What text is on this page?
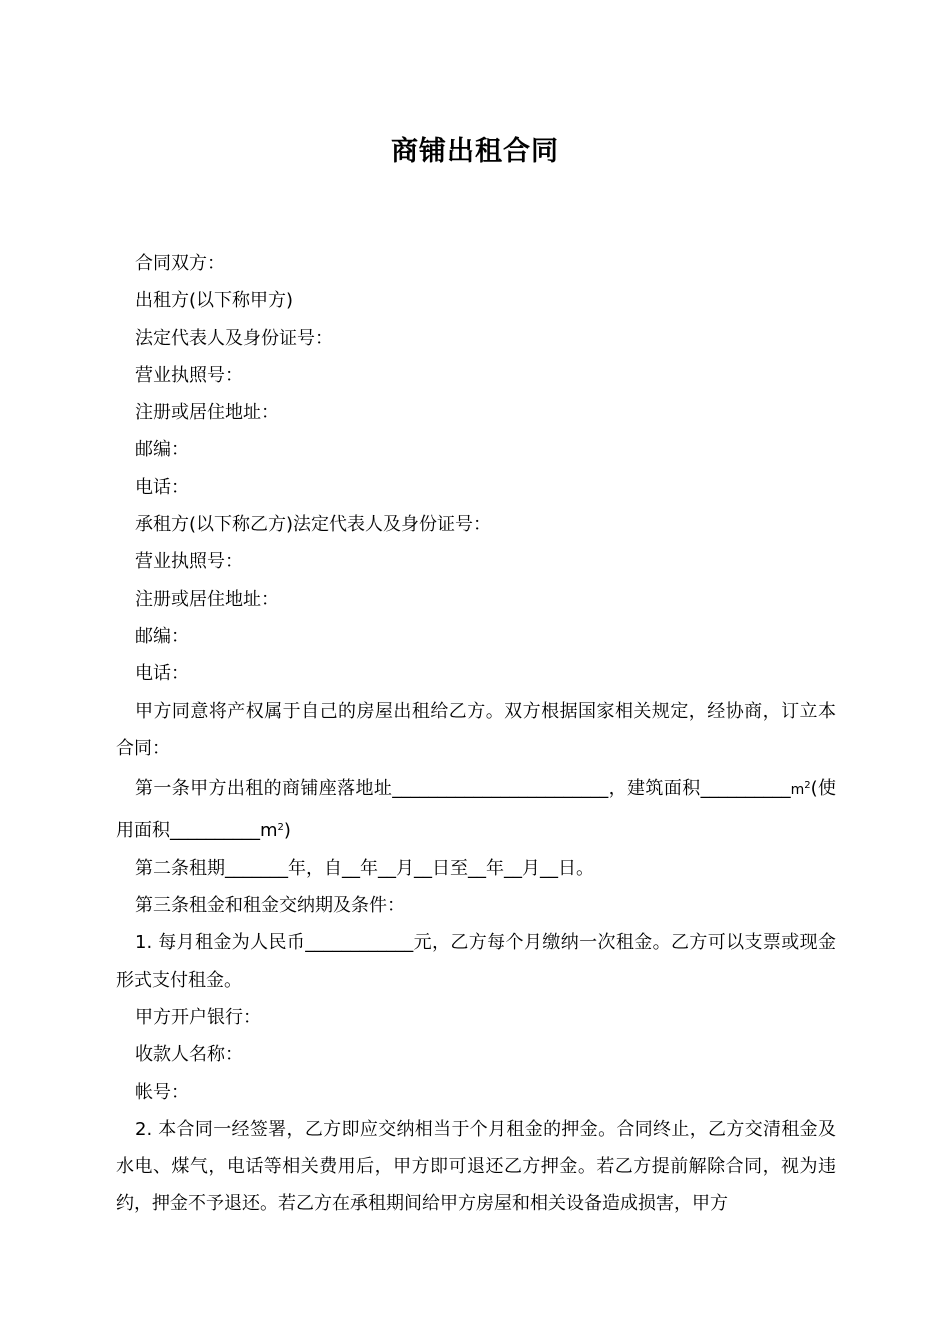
商铺出租合同

合同双方：

出租方(以下称甲方)

法定代表人及身份证号：

营业执照号：

注册或居住地址：

邮编：

电话：

承租方(以下称乙方)法定代表人及身份证号：

营业执照号：

注册或居住地址：

邮编：

电话：

甲方同意将产权属于自己的房屋出租给乙方。双方根据国家相关规定，经协商，订立本合同：

第一条甲方出租的商铺座落地址________________________，建筑面积$\_\_\_\_\_\_\_\_\_\_m^2$(使用面积$\_\_\_\_\_\_\_\_\_\_m^2$)

第二条租期_______年，自__年__月__日至__年__月__日。

第三条租金和租金交纳期及条件：

1. 每月租金为人民币____________元，乙方每个月缴纳一次租金。乙方可以支票或现金形式支付租金。

甲方开户银行：

收款人名称：

帐号：

2. 本合同一经签署，乙方即应交纳相当于个月租金的押金。合同终止，乙方交清租金及水电、煤气，电话等相关费用后，甲方即可退还乙方押金。若乙方提前解除合同，视为违约，押金不予退还。若乙方在承租期间给甲方房屋和相关设备造成损害，甲方
